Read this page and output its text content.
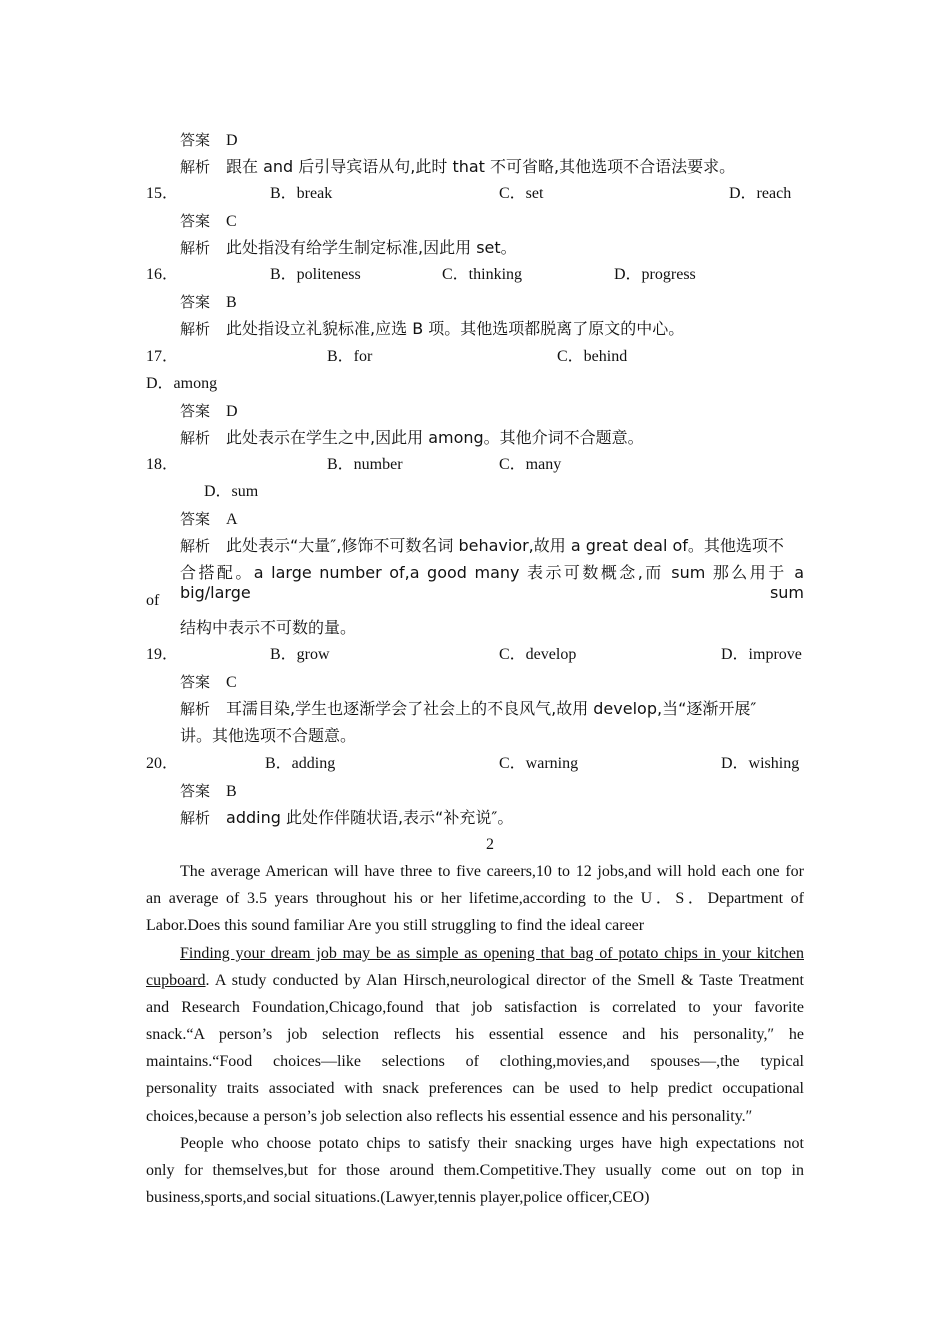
答案 D
解析 跟在 and 后引导宾语从句,此时 that 不可省略,其他选项不合语法要求。
15．	B．break	C．set	D．reach
答案 C
解析 此处指没有给学生制定标准,因此用 set。
16．	B．politeness	C．thinking	D．progress
答案 B
解析 此处指设立礼貌标准,应选 B 项。其他选项都脱离了原文的中心。
17．	B．for	C．behind
D．among
答案 D
解析 此处表示在学生之中,因此用 among。其他介词不合题意。
18．	B．number	C．many
D．sum
答案 A
解析 此处表示“大量″,修饰不可数名词 behavior,故用 a great deal of。其他选项不
合搭配。a large number of,a good many 表示可数概念,而 sum 那么用于 a big/large sum
of
结构中表示不可数的量。
19．	B．grow	C．develop	D．improve
答案 C
解析 耳濡目染,学生也逐渐学会了社会上的不良风气,故用 develop,当“逐渐开展″
讲。其他选项不合题意。
20．	B．adding	C．warning	D．wishing
答案 B
解析 adding 此处作伴随状语,表示“补充说″。
2
The average American will have three to five careers,10 to 12 jobs,and will hold each one for
an average of 3.5 years throughout his or her lifetime,according to the U．S．Department of
Labor.Does this sound familiar Are you still struggling to find the ideal career
Finding your dream job may be as simple as opening that bag of potato chips in your kitchen
cupboard. A study conducted by Alan Hirsch,neurological director of the Smell & Taste Treatment
and Research Foundation,Chicago,found that job satisfaction is correlated to your favorite
snack.“A person’s job selection reflects his essential essence and his personality,″ he
maintains.“Food choices—like selections of clothing,movies,and spouses—,the typical
personality traits associated with snack preferences can be used to help predict occupational
choices,because a person’s job selection also reflects his essential essence and his personality.″
People who choose potato chips to satisfy their snacking urges have high expectations not
only for themselves,but for those around them.Competitive.They usually come out on top in
business,sports,and social situations.(Lawyer,tennis player,police officer,CEO)
